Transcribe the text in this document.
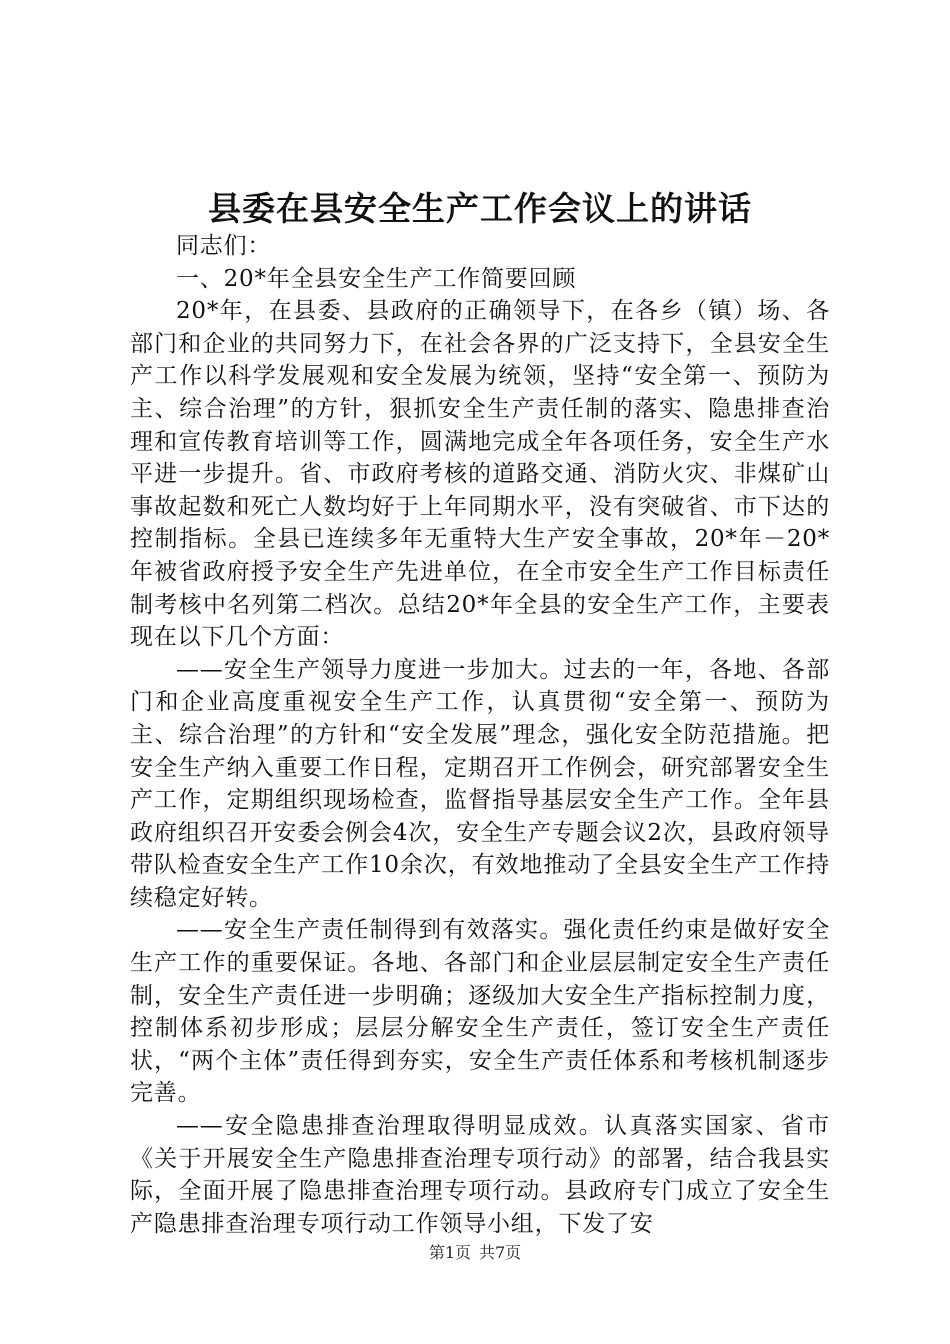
县委在县安全生产工作会议上的讲话

同志们：

一、20*年全县安全生产工作简要回顾

20*年，在县委、县政府的正确领导下，在各乡（镇）场、各部门和企业的共同努力下，在社会各界的广泛支持下，全县安全生产工作以科学发展观和安全发展为统领，坚持“安全第一、预防为主、综合治理”的方针，狠抓安全生产责任制的落实、隐患排查治理和宣传教育培训等工作，圆满地完成全年各项任务，安全生产水平进一步提升。省、市政府考核的道路交通、消防火灾、非煤矿山事故起数和死亡人数均好于上年同期水平，没有突破省、市下达的控制指标。全县已连续多年无重特大生产安全事故，20*年－20*年被省政府授予安全生产先进单位，在全市安全生产工作目标责任制考核中名列第二档次。总结20*年全县的安全生产工作，主要表现在以下几个方面：

——安全生产领导力度进一步加大。过去的一年，各地、各部门和企业高度重视安全生产工作，认真贯彻“安全第一、预防为主、综合治理”的方针和“安全发展”理念，强化安全防范措施。把安全生产纳入重要工作日程，定期召开工作例会，研究部署安全生产工作，定期组织现场检查，监督指导基层安全生产工作。全年县政府组织召开安委会例会4次，安全生产专题会议2次，县政府领导带队检查安全生产工作10余次，有效地推动了全县安全生产工作持续稳定好转。

——安全生产责任制得到有效落实。强化责任约束是做好安全生产工作的重要保证。各地、各部门和企业层层制定安全生产责任制，安全生产责任进一步明确；逐级加大安全生产指标控制力度，控制体系初步形成；层层分解安全生产责任，签订安全生产责任状，“两个主体”责任得到夯实，安全生产责任体系和考核机制逐步完善。

——安全隐患排查治理取得明显成效。认真落实国家、省市《关于开展安全生产隐患排查治理专项行动》的部署，结合我县实际，全面开展了隐患排查治理专项行动。县政府专门成立了安全生产隐患排查治理专项行动工作领导小组，下发了安

第1页 共7页
